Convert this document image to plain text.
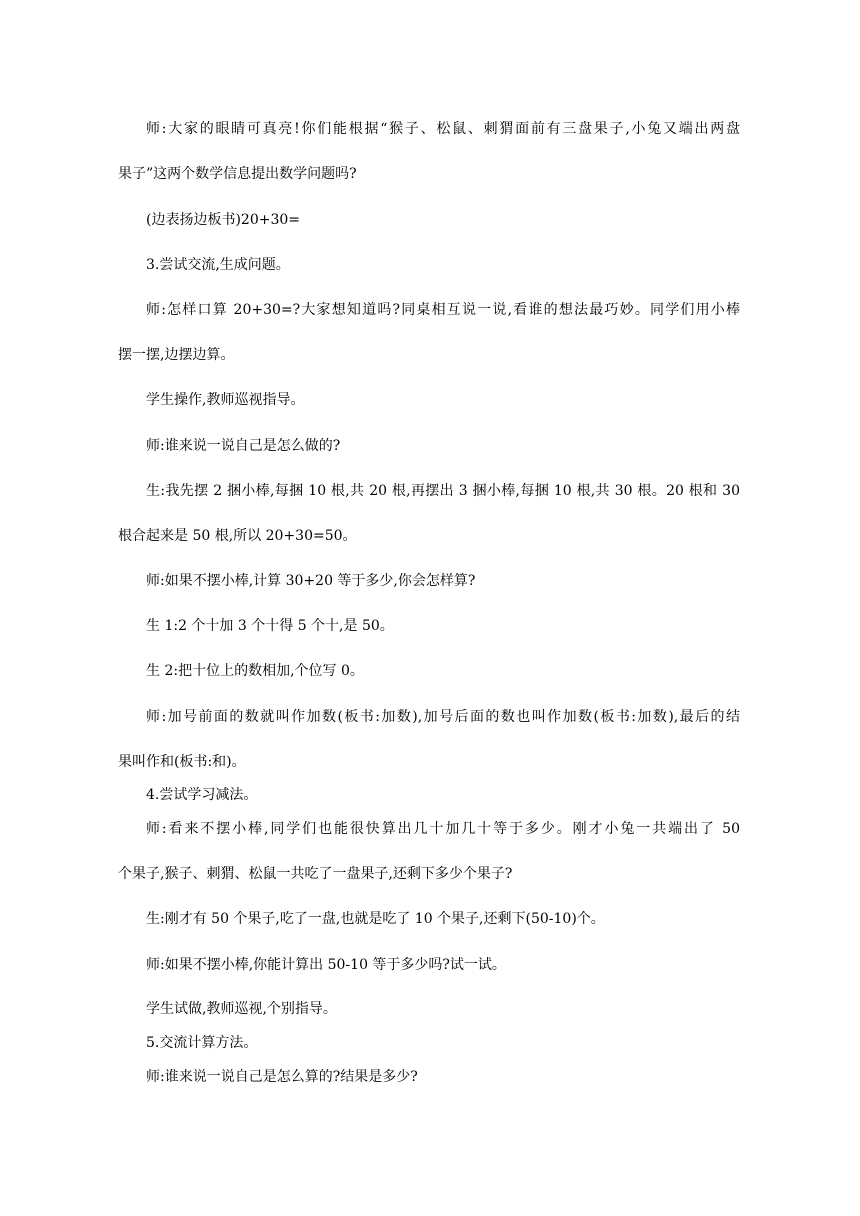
师:大家的眼睛可真亮!你们能根据“猴子、松鼠、刺猬面前有三盘果子,小兔又端出两盘
果子”这两个数学信息提出数学问题吗?
(边表扬边板书)20+30=
3.尝试交流,生成问题。
师:怎样口算 20+30=?大家想知道吗?同桌相互说一说,看谁的想法最巧妙。同学们用小棒
摆一摆,边摆边算。
学生操作,教师巡视指导。
师:谁来说一说自己是怎么做的?
生:我先摆 2 捆小棒,每捆 10 根,共 20 根,再摆出 3 捆小棒,每捆 10 根,共 30 根。20 根和 30
根合起来是 50 根,所以 20+30=50。
师:如果不摆小棒,计算 30+20 等于多少,你会怎样算?
生 1:2 个十加 3 个十得 5 个十,是 50。
生 2:把十位上的数相加,个位写 0。
师:加号前面的数就叫作加数(板书:加数),加号后面的数也叫作加数(板书:加数),最后的结
果叫作和(板书:和)。
4.尝试学习减法。
师:看来不摆小棒,同学们也能很快算出几十加几十等于多少。刚才小兔一共端出了 50
个果子,猴子、刺猬、松鼠一共吃了一盘果子,还剩下多少个果子?
生:刚才有 50 个果子,吃了一盘,也就是吃了 10 个果子,还剩下(50-10)个。
师:如果不摆小棒,你能计算出 50-10 等于多少吗?试一试。
学生试做,教师巡视,个别指导。
5.交流计算方法。
师:谁来说一说自己是怎么算的?结果是多少?
